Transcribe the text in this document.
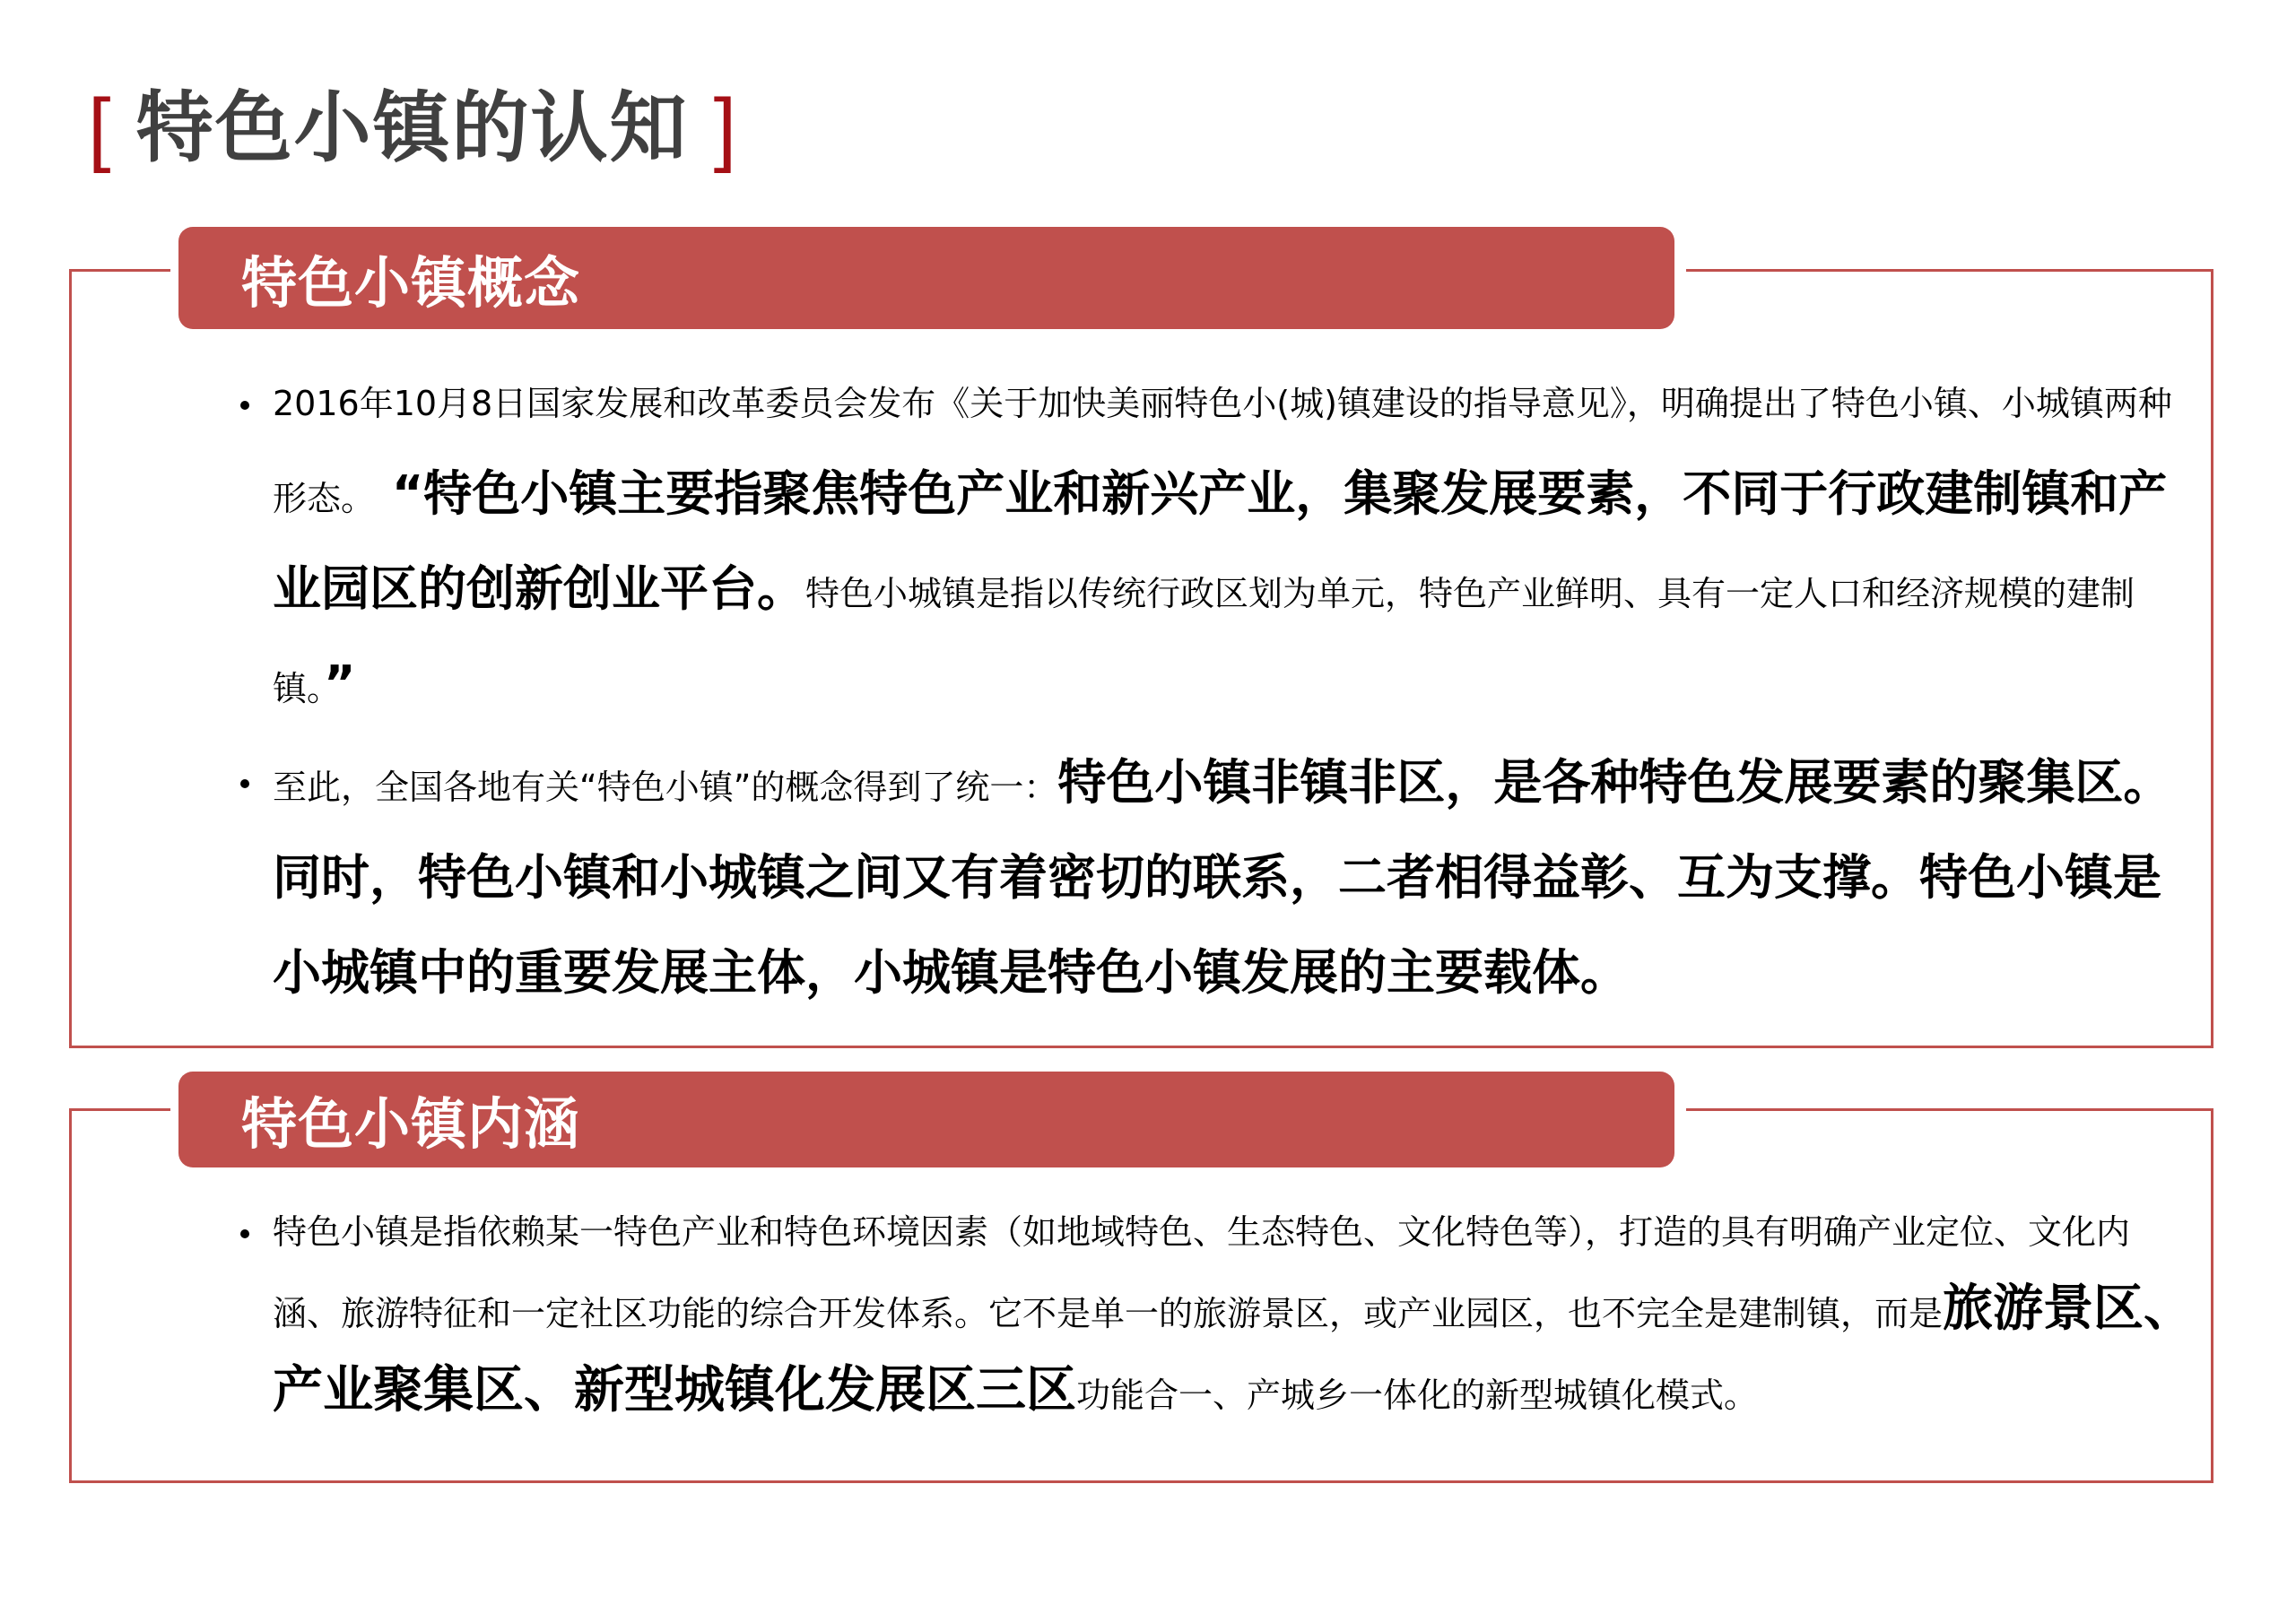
[ 特色小镇的认知 ]
特色小镇概念
2016年10月8日国家发展和改革委员会发布《关于加快美丽特色小(城)镇建设的指导意见》，明确提出了特色小镇、小城镇两种形态。 “特色小镇主要指聚焦特色产业和新兴产业，集聚发展要素，不同于行政建制镇和产业园区的创新创业平台。特色小城镇是指以传统行政区划为单元，特色产业鲜明、具有一定人口和经济规模的建制镇。”
至此，全国各地有关“特色小镇”的概念得到了统一：特色小镇非镇非区，是各种特色发展要素的聚集区。同时，特色小镇和小城镇之间又有着密切的联系，二者相得益彰、互为支撑。特色小镇是小城镇中的重要发展主体，小城镇是特色小镇发展的主要载体。
特色小镇内涵
特色小镇是指依赖某一特色产业和特色环境因素（如地域特色、生态特色、文化特色等），打造的具有明确产业定位、文化内涵、旅游特征和一定社区功能的综合开发体系。它不是单一的旅游景区，或产业园区，也不完全是建制镇，而是旅游景区、产业聚集区、新型城镇化发展区三区功能合一、产城乡一体化的新型城镇化模式。
